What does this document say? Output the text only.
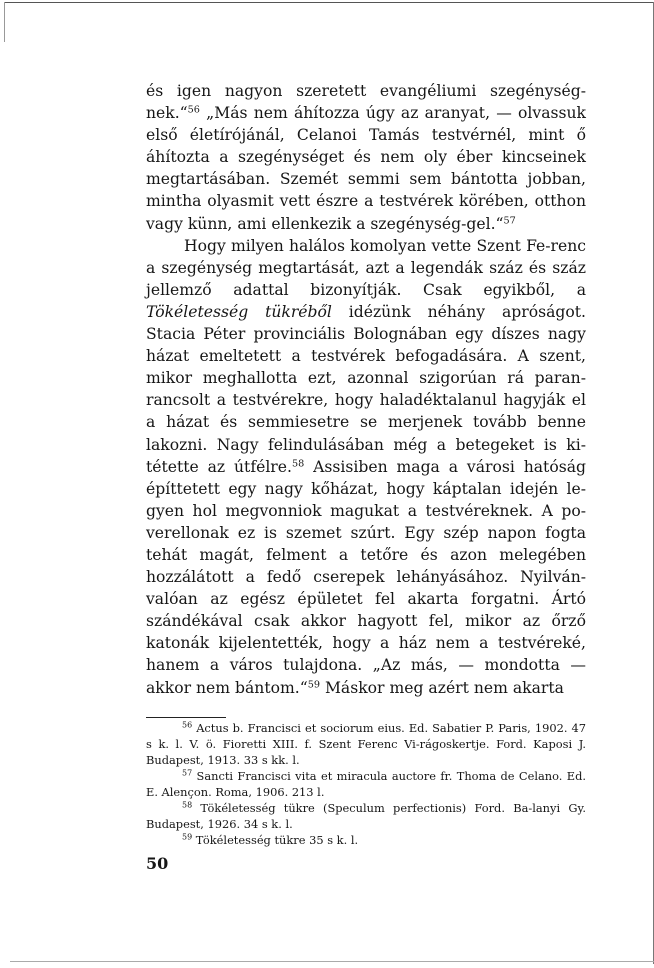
és igen nagyon szeretett evangéliumi szegénység-nek.“$^{56}$ „Más nem áhítozza úgy az aranyat, — olvassuk első életírójánál, Celanoi Tamás testvérnél, mint ő áhítozta a szegénységet és nem oly éber kincseinek megtartásában. Szemét semmi sem bántotta jobban, mintha olyasmit vett észre a testvérek körében, otthon vagy künn, ami ellenkezik a szegénység-gel.“$^{57}$

Hogy milyen halálos komolyan vette Szent Fe-renc a szegénység megtartását, azt a legendák száz és száz jellemző adattal bizonyítják. Csak egyikből, a Tökéletesség tükréből idézünk néhány apróságot. Stacia Péter provinciális Bolognában egy díszes nagy házat emeltetett a testvérek befogadására. A szent, mikor meghallotta ezt, azonnal szigorúan rá paran-rancsolt a testvérekre, hogy haladéktalanul hagyják el a házat és semmiesetre se merjenek tovább benne lakozni. Nagy felindulásában még a betegeket is ki-tétette az útfélre.$^{58}$ Assisiben maga a városi hatóság építtetett egy nagy kőházat, hogy káptalan idején le-gyen hol megvonniok magukat a testvéreknek. A po-verellonak ez is szemet szúrt. Egy szép napon fogta tehát magát, felment a tetőre és azon melegében hozzálátott a fedő cserepek lehányásához. Nyilván-valóan az egész épületet fel akarta forgatni. Ártó szándékával csak akkor hagyott fel, mikor az őrző katonák kijelentették, hogy a ház nem a testvéreké, hanem a város tulajdona. „Az más, — mondotta — akkor nem bántom.“$^{59}$ Máskor meg azért nem akarta

$^{56}$ Actus b. Francisci et sociorum eius. Ed. Sabatier P. Paris, 1902. 47 s k. l. V. ö. Fioretti XIII. f. Szent Ferenc Vi-rágoskertje. Ford. Kaposi J. Budapest, 1913. 33 s kk. l.

$^{57}$ Sancti Francisci vita et miracula auctore fr. Thoma de Celano. Ed. E. Alençon. Roma, 1906. 213 l.

$^{58}$ Tökéletesség tükre (Speculum perfectionis) Ford. Ba-lanyi Gy. Budapest, 1926. 34 s k. l.

$^{59}$ Tökéletesség tükre 35 s k. l.

50
